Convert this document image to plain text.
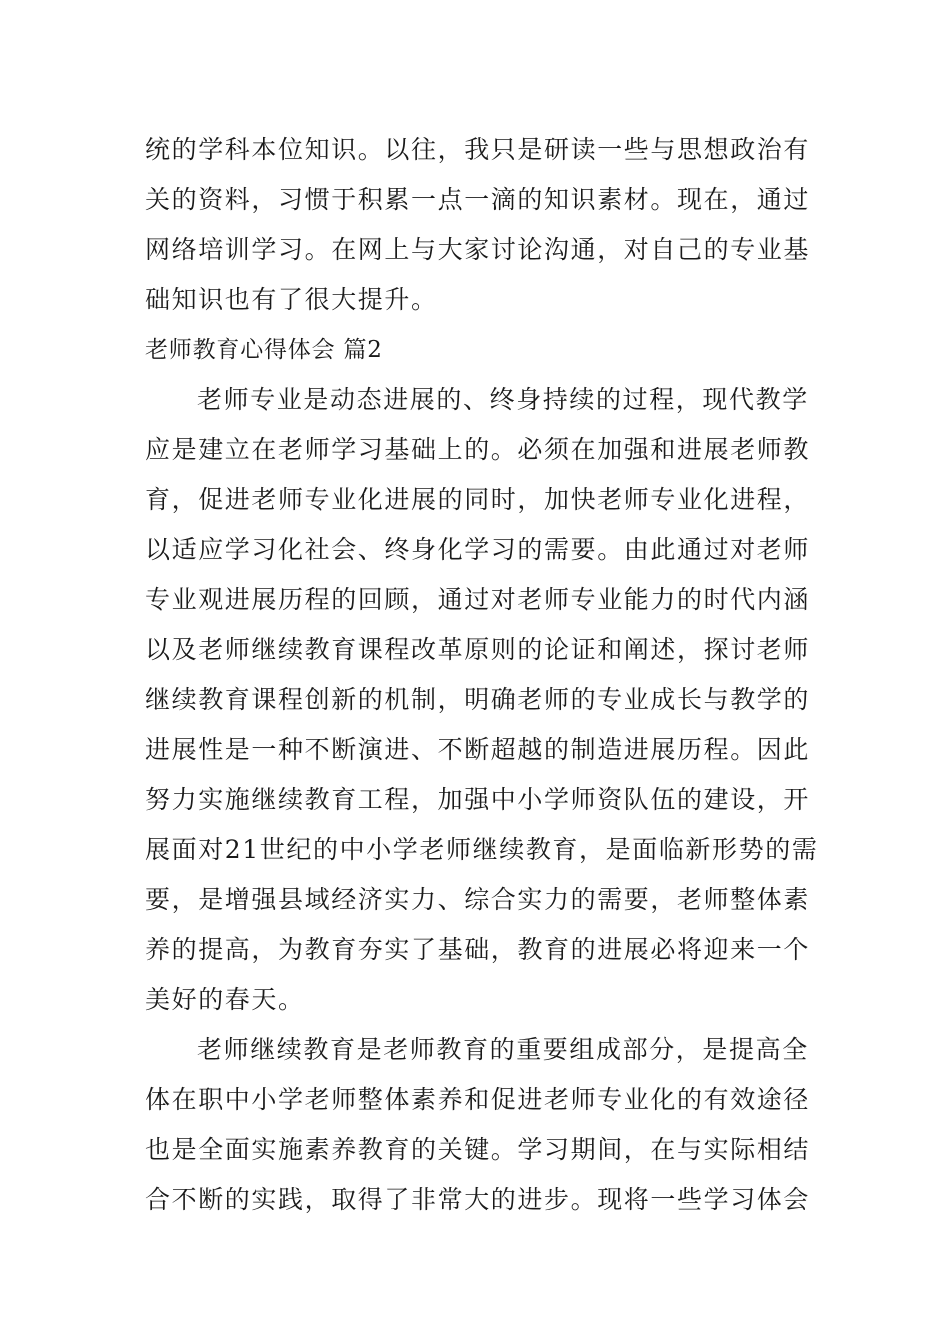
统的学科本位知识。以往，我只是研读一些与思想政治有
关的资料，习惯于积累一点一滴的知识素材。现在，通过
网络培训学习。在网上与大家讨论沟通，对自己的专业基
础知识也有了很大提升。
老师教育心得体会 篇2
老师专业是动态进展的、终身持续的过程，现代教学
应是建立在老师学习基础上的。必须在加强和进展老师教
育，促进老师专业化进展的同时，加快老师专业化进程，
以适应学习化社会、终身化学习的需要。由此通过对老师
专业观进展历程的回顾，通过对老师专业能力的时代内涵
以及老师继续教育课程改革原则的论证和阐述，探讨老师
继续教育课程创新的机制，明确老师的专业成长与教学的
进展性是一种不断演进、不断超越的制造进展历程。因此
努力实施继续教育工程，加强中小学师资队伍的建设，开
展面对21世纪的中小学老师继续教育，是面临新形势的需
要，是增强县域经济实力、综合实力的需要，老师整体素
养的提高，为教育夯实了基础，教育的进展必将迎来一个
美好的春天。
老师继续教育是老师教育的重要组成部分，是提高全
体在职中小学老师整体素养和促进老师专业化的有效途径
也是全面实施素养教育的关键。学习期间，在与实际相结
合不断的实践，取得了非常大的进步。现将一些学习体会
